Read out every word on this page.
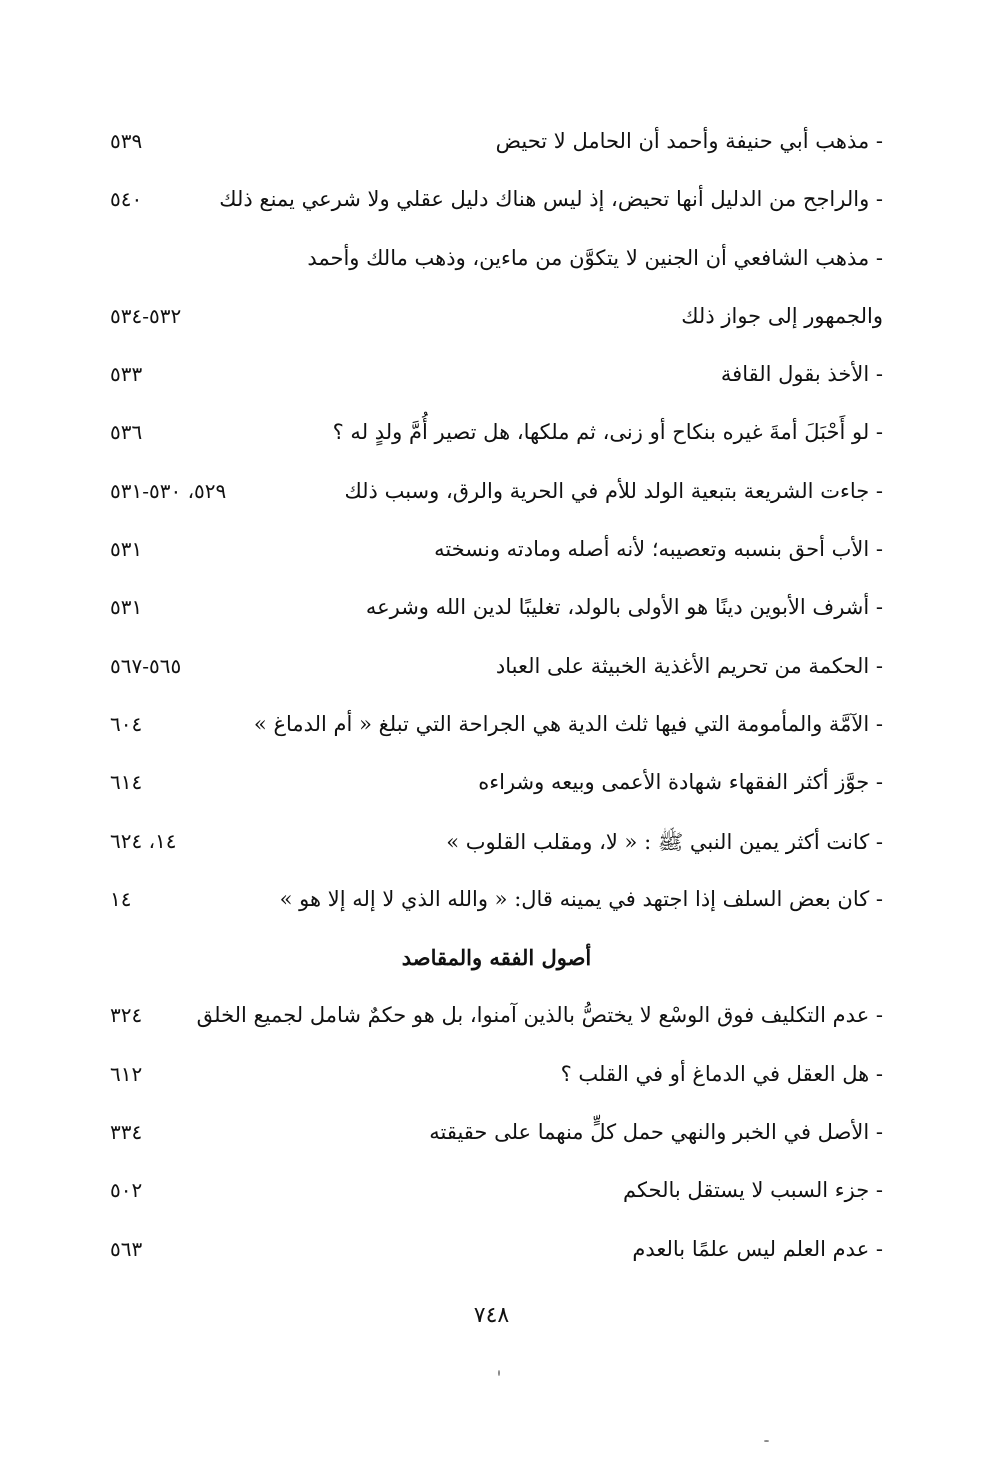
- مذهب أبي حنيفة وأحمد أن الحامل لا تحيض
٥٣٩
- والراجح من الدليل أنها تحيض، إذ ليس هناك دليل عقلي ولا شرعي يمنع ذلك
٥٤٠
- مذهب الشافعي أن الجنين لا يتكوَّن من ماءين، وذهب مالك وأحمد
والجمهور إلى جواز ذلك
٥٣٢-٥٣٤
- الأخذ بقول القافة
٥٣٣
- لو أَحْبَلَ أمةَ غيره بنكاح أو زنى، ثم ملكها، هل تصير أُمَّ ولدٍ له ؟
٥٣٦
- جاءت الشريعة بتبعية الولد للأم في الحرية والرق، وسبب ذلك
٥٢٩، ٥٣٠-٥٣١
- الأب أحق بنسبه وتعصيبه؛ لأنه أصله ومادته ونسخته
٥٣١
- أشرف الأبوين دينًا هو الأولى بالولد، تغليبًا لدين الله وشرعه
٥٣١
- الحكمة من تحريم الأغذية الخبيثة على العباد
٥٦٥-٥٦٧
- الآمَّة والمأمومة التي فيها ثلث الدية هي الجراحة التي تبلغ « أم الدماغ »
٦٠٤
- جوَّز أكثر الفقهاء شهادة الأعمى وبيعه وشراءه
٦١٤
- كانت أكثر يمين النبي ﷺ : « لا، ومقلب القلوب »
١٤، ٦٢٤
- كان بعض السلف إذا اجتهد في يمينه قال: « والله الذي لا إله إلا هو »
١٤
أصول الفقه والمقاصد
- عدم التكليف فوق الوسْع لا يختصُّ بالذين آمنوا، بل هو حكمٌ شامل لجميع الخلق
٣٢٤
- هل العقل في الدماغ أو في القلب ؟
٦١٢
- الأصل في الخبر والنهي حمل كلٍّ منهما على حقيقته
٣٣٤
- جزء السبب لا يستقل بالحكم
٥٠٢
- عدم العلم ليس علمًا بالعدم
٥٦٣
٧٤٨
